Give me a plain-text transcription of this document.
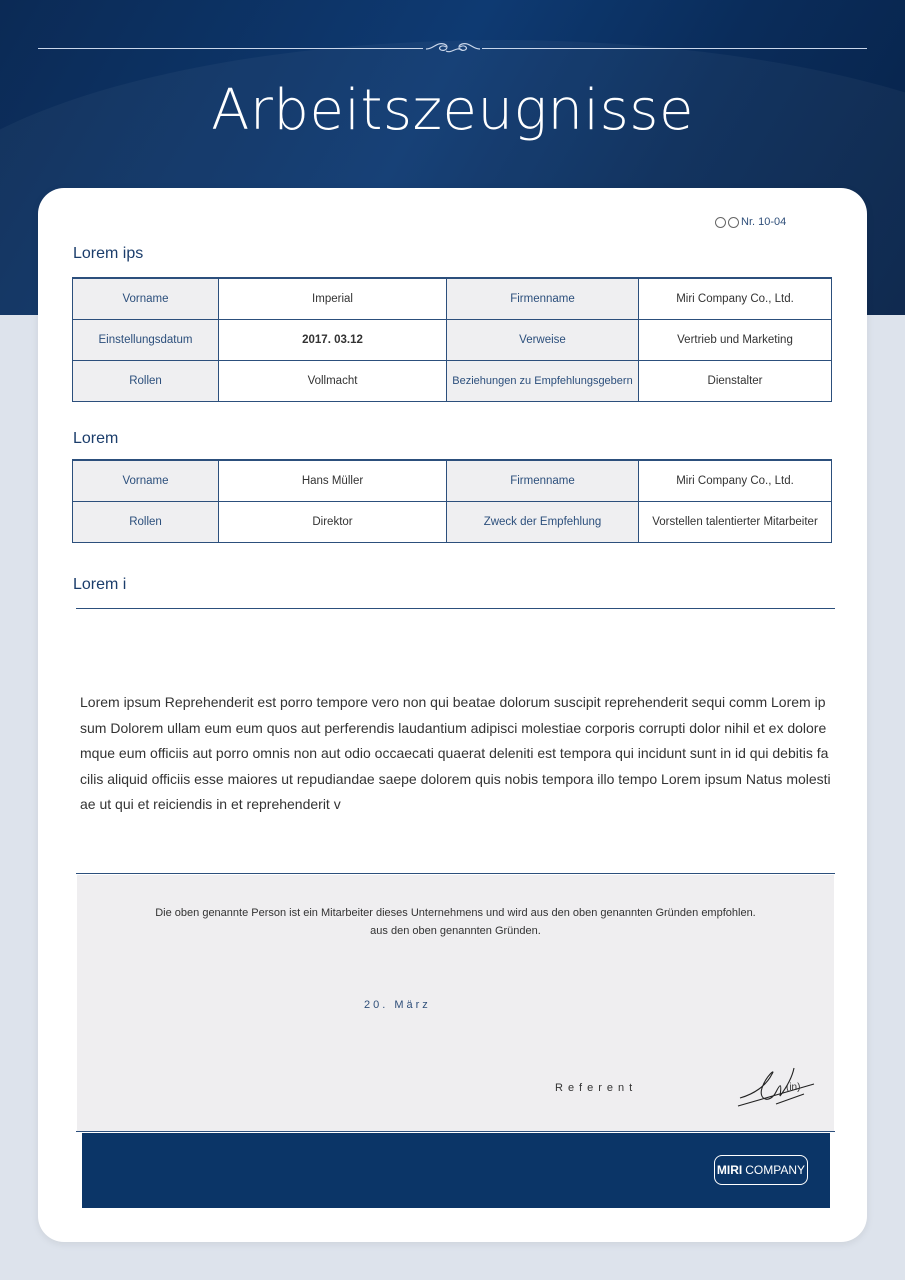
Arbeitszeugnisse
Nr. 10-04
Lorem ips
Vorname	Imperial	Firmenname	Miri Company Co., Ltd.
Einstellungsdatum	2017. 03.12	Verweise	Vertrieb und Marketing
Rollen	Vollmacht	Beziehungen zu Empfehlungsgebern	Dienstalter
Lorem
Vorname	Hans Müller	Firmenname	Miri Company Co., Ltd.
Rollen	Direktor	Zweck der Empfehlung	Vorstellen talentierter Mitarbeiter
Lorem i
Lorem ipsum Reprehenderit est porro tempore vero non qui beatae dolorum suscipit reprehenderit sequi comm Lorem ipsum Dolorem ullam eum eum quos aut perferendis laudantium adipisci molestiae corporis corrupti dolor nihil et ex doloremque eum officiis aut porro omnis non aut odio occaecati quaerat deleniti est tempora qui incidunt sunt in id qui debitis facilis aliquid officiis esse maiores ut repudiandae saepe dolorem quis nobis tempora illo tempo Lorem ipsum Natus molestiae ut qui et reiciendis in et reprehenderit v
Die oben genannte Person ist ein Mitarbeiter dieses Unternehmens und wird aus den oben genannten Gründen empfohlen.
aus den oben genannten Gründen.
20. März
Referent	(in)
MIRI COMPANY
